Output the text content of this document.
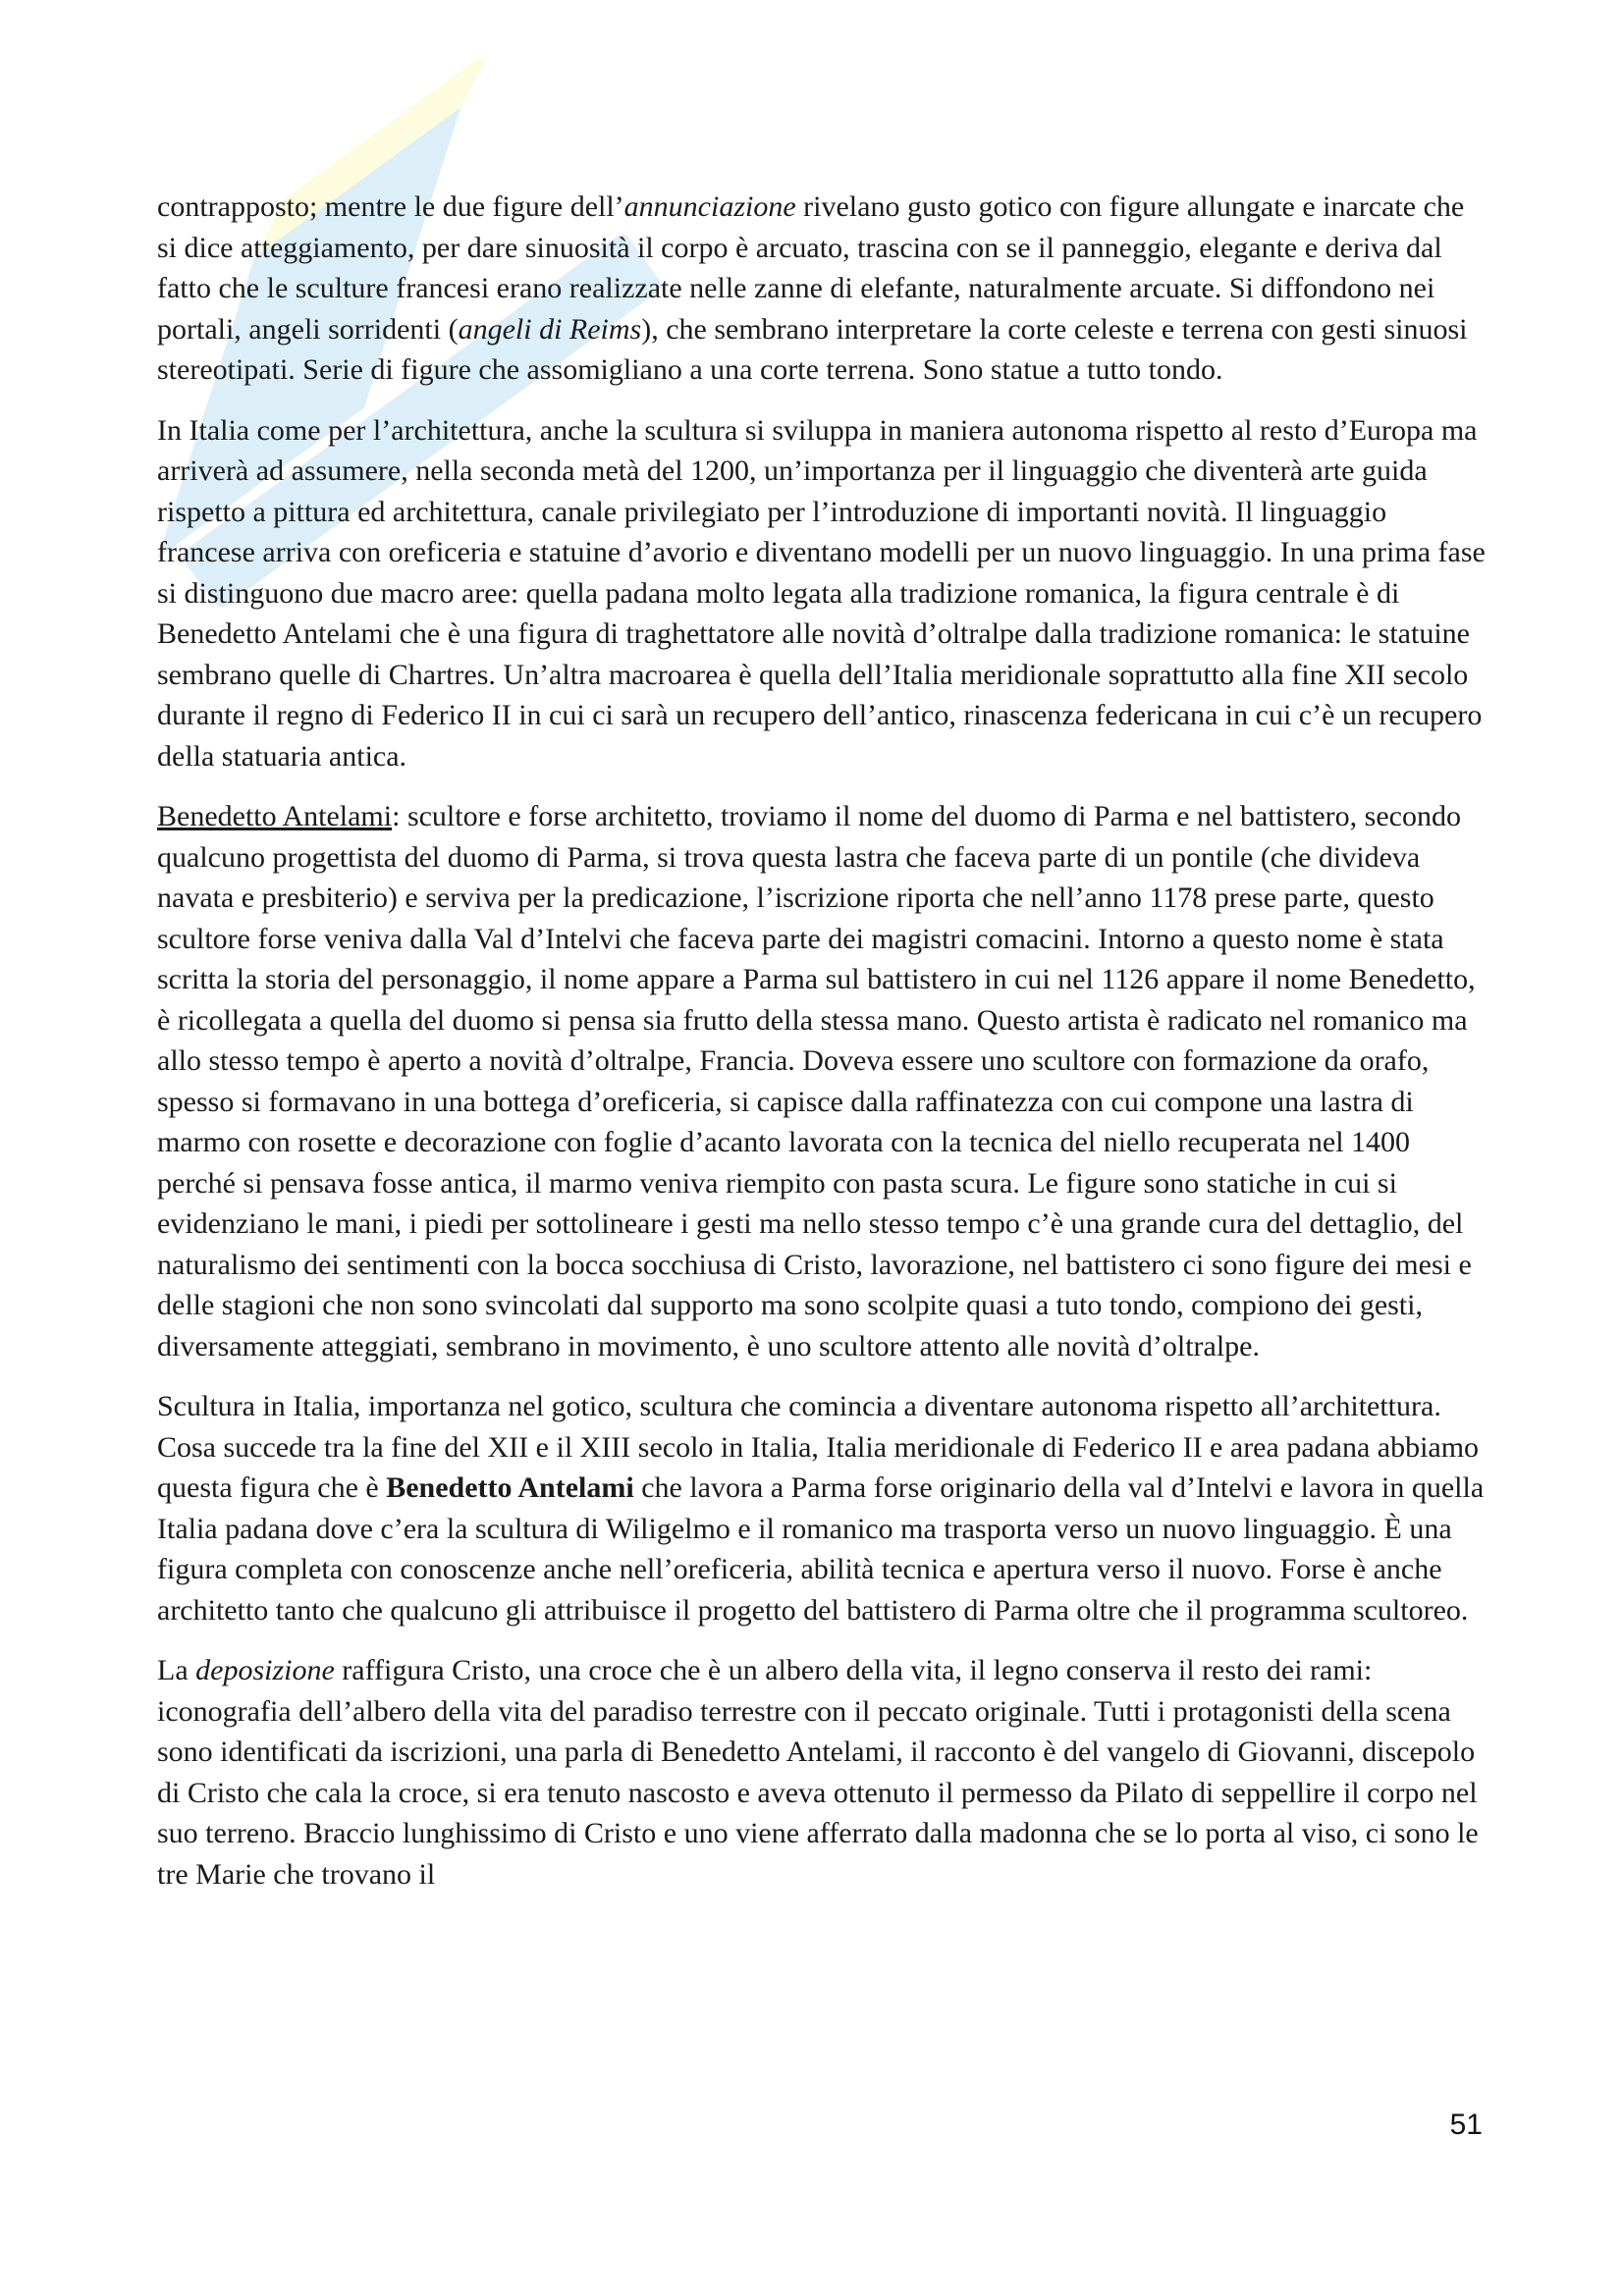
contrapposto; mentre le due figure dell’annunciazione rivelano gusto gotico con figure allungate e inarcate che si dice atteggiamento, per dare sinuosità il corpo è arcuato, trascina con se il panneggio, elegante e deriva dal fatto che le sculture francesi erano realizzate nelle zanne di elefante, naturalmente arcuate. Si diffondono nei portali, angeli sorridenti (angeli di Reims), che sembrano interpretare la corte celeste e terrena con gesti sinuosi stereotipati. Serie di figure che assomigliano a una corte terrena. Sono statue a tutto tondo.

In Italia come per l’architettura, anche la scultura si sviluppa in maniera autonoma rispetto al resto d’Europa ma arriverà ad assumere, nella seconda metà del 1200, un’importanza per il linguaggio che diventerà arte guida rispetto a pittura ed architettura, canale privilegiato per l’introduzione di importanti novità. Il linguaggio francese arriva con oreficeria e statuine d’avorio e diventano modelli per un nuovo linguaggio. In una prima fase si distinguono due macro aree: quella padana molto legata alla tradizione romanica, la figura centrale è di Benedetto Antelami che è una figura di traghettatore alle novità d’oltralpe dalla tradizione romanica: le statuine sembrano quelle di Chartres. Un’altra macroarea è quella dell’Italia meridionale soprattutto alla fine XII secolo durante il regno di Federico II in cui ci sarà un recupero dell’antico, rinascenza federicana in cui c’è un recupero della statuaria antica.

Benedetto Antelami: scultore e forse architetto, troviamo il nome del duomo di Parma e nel battistero, secondo qualcuno progettista del duomo di Parma, si trova questa lastra che faceva parte di un pontile (che divideva navata e presbiterio) e serviva per la predicazione, l’iscrizione riporta che nell’anno 1178 prese parte, questo scultore forse veniva dalla Val d’Intelvi che faceva parte dei magistri comacini. Intorno a questo nome è stata scritta la storia del personaggio, il nome appare a Parma sul battistero in cui nel 1126 appare il nome Benedetto, è ricollegata a quella del duomo si pensa sia frutto della stessa mano. Questo artista è radicato nel romanico ma allo stesso tempo è aperto a novità d’oltralpe, Francia. Doveva essere uno scultore con formazione da orafo, spesso si formavano in una bottega d’oreficeria, si capisce dalla raffinatezza con cui compone una lastra di marmo con rosette e decorazione con foglie d’acanto lavorata con la tecnica del niello recuperata nel 1400 perché si pensava fosse antica, il marmo veniva riempito con pasta scura. Le figure sono statiche in cui si evidenziano le mani, i piedi per sottolineare i gesti ma nello stesso tempo c’è una grande cura del dettaglio, del naturalismo dei sentimenti con la bocca socchiusa di Cristo, lavorazione, nel battistero ci sono figure dei mesi e delle stagioni che non sono svincolati dal supporto ma sono scolpite quasi a tuto tondo, compiono dei gesti, diversamente atteggiati, sembrano in movimento, è uno scultore attento alle novità d’oltralpe.

Scultura in Italia, importanza nel gotico, scultura che comincia a diventare autonoma rispetto all’architettura. Cosa succede tra la fine del XII e il XIII secolo in Italia, Italia meridionale di Federico II e area padana abbiamo questa figura che è Benedetto Antelami che lavora a Parma forse originario della val d’Intelvi e lavora in quella Italia padana dove c’era la scultura di Wiligelmo e il romanico ma trasporta verso un nuovo linguaggio. È una figura completa con conoscenze anche nell’oreficeria, abilità tecnica e apertura verso il nuovo. Forse è anche architetto tanto che qualcuno gli attribuisce il progetto del battistero di Parma oltre che il programma scultoreo.

La deposizione raffigura Cristo, una croce che è un albero della vita, il legno conserva il resto dei rami: iconografia dell’albero della vita del paradiso terrestre con il peccato originale. Tutti i protagonisti della scena sono identificati da iscrizioni, una parla di Benedetto Antelami, il racconto è del vangelo di Giovanni, discepolo di Cristo che cala la croce, si era tenuto nascosto e aveva ottenuto il permesso da Pilato di seppellire il corpo nel suo terreno. Braccio lunghissimo di Cristo e uno viene afferrato dalla madonna che se lo porta al viso, ci sono le tre Marie che trovano il

51
